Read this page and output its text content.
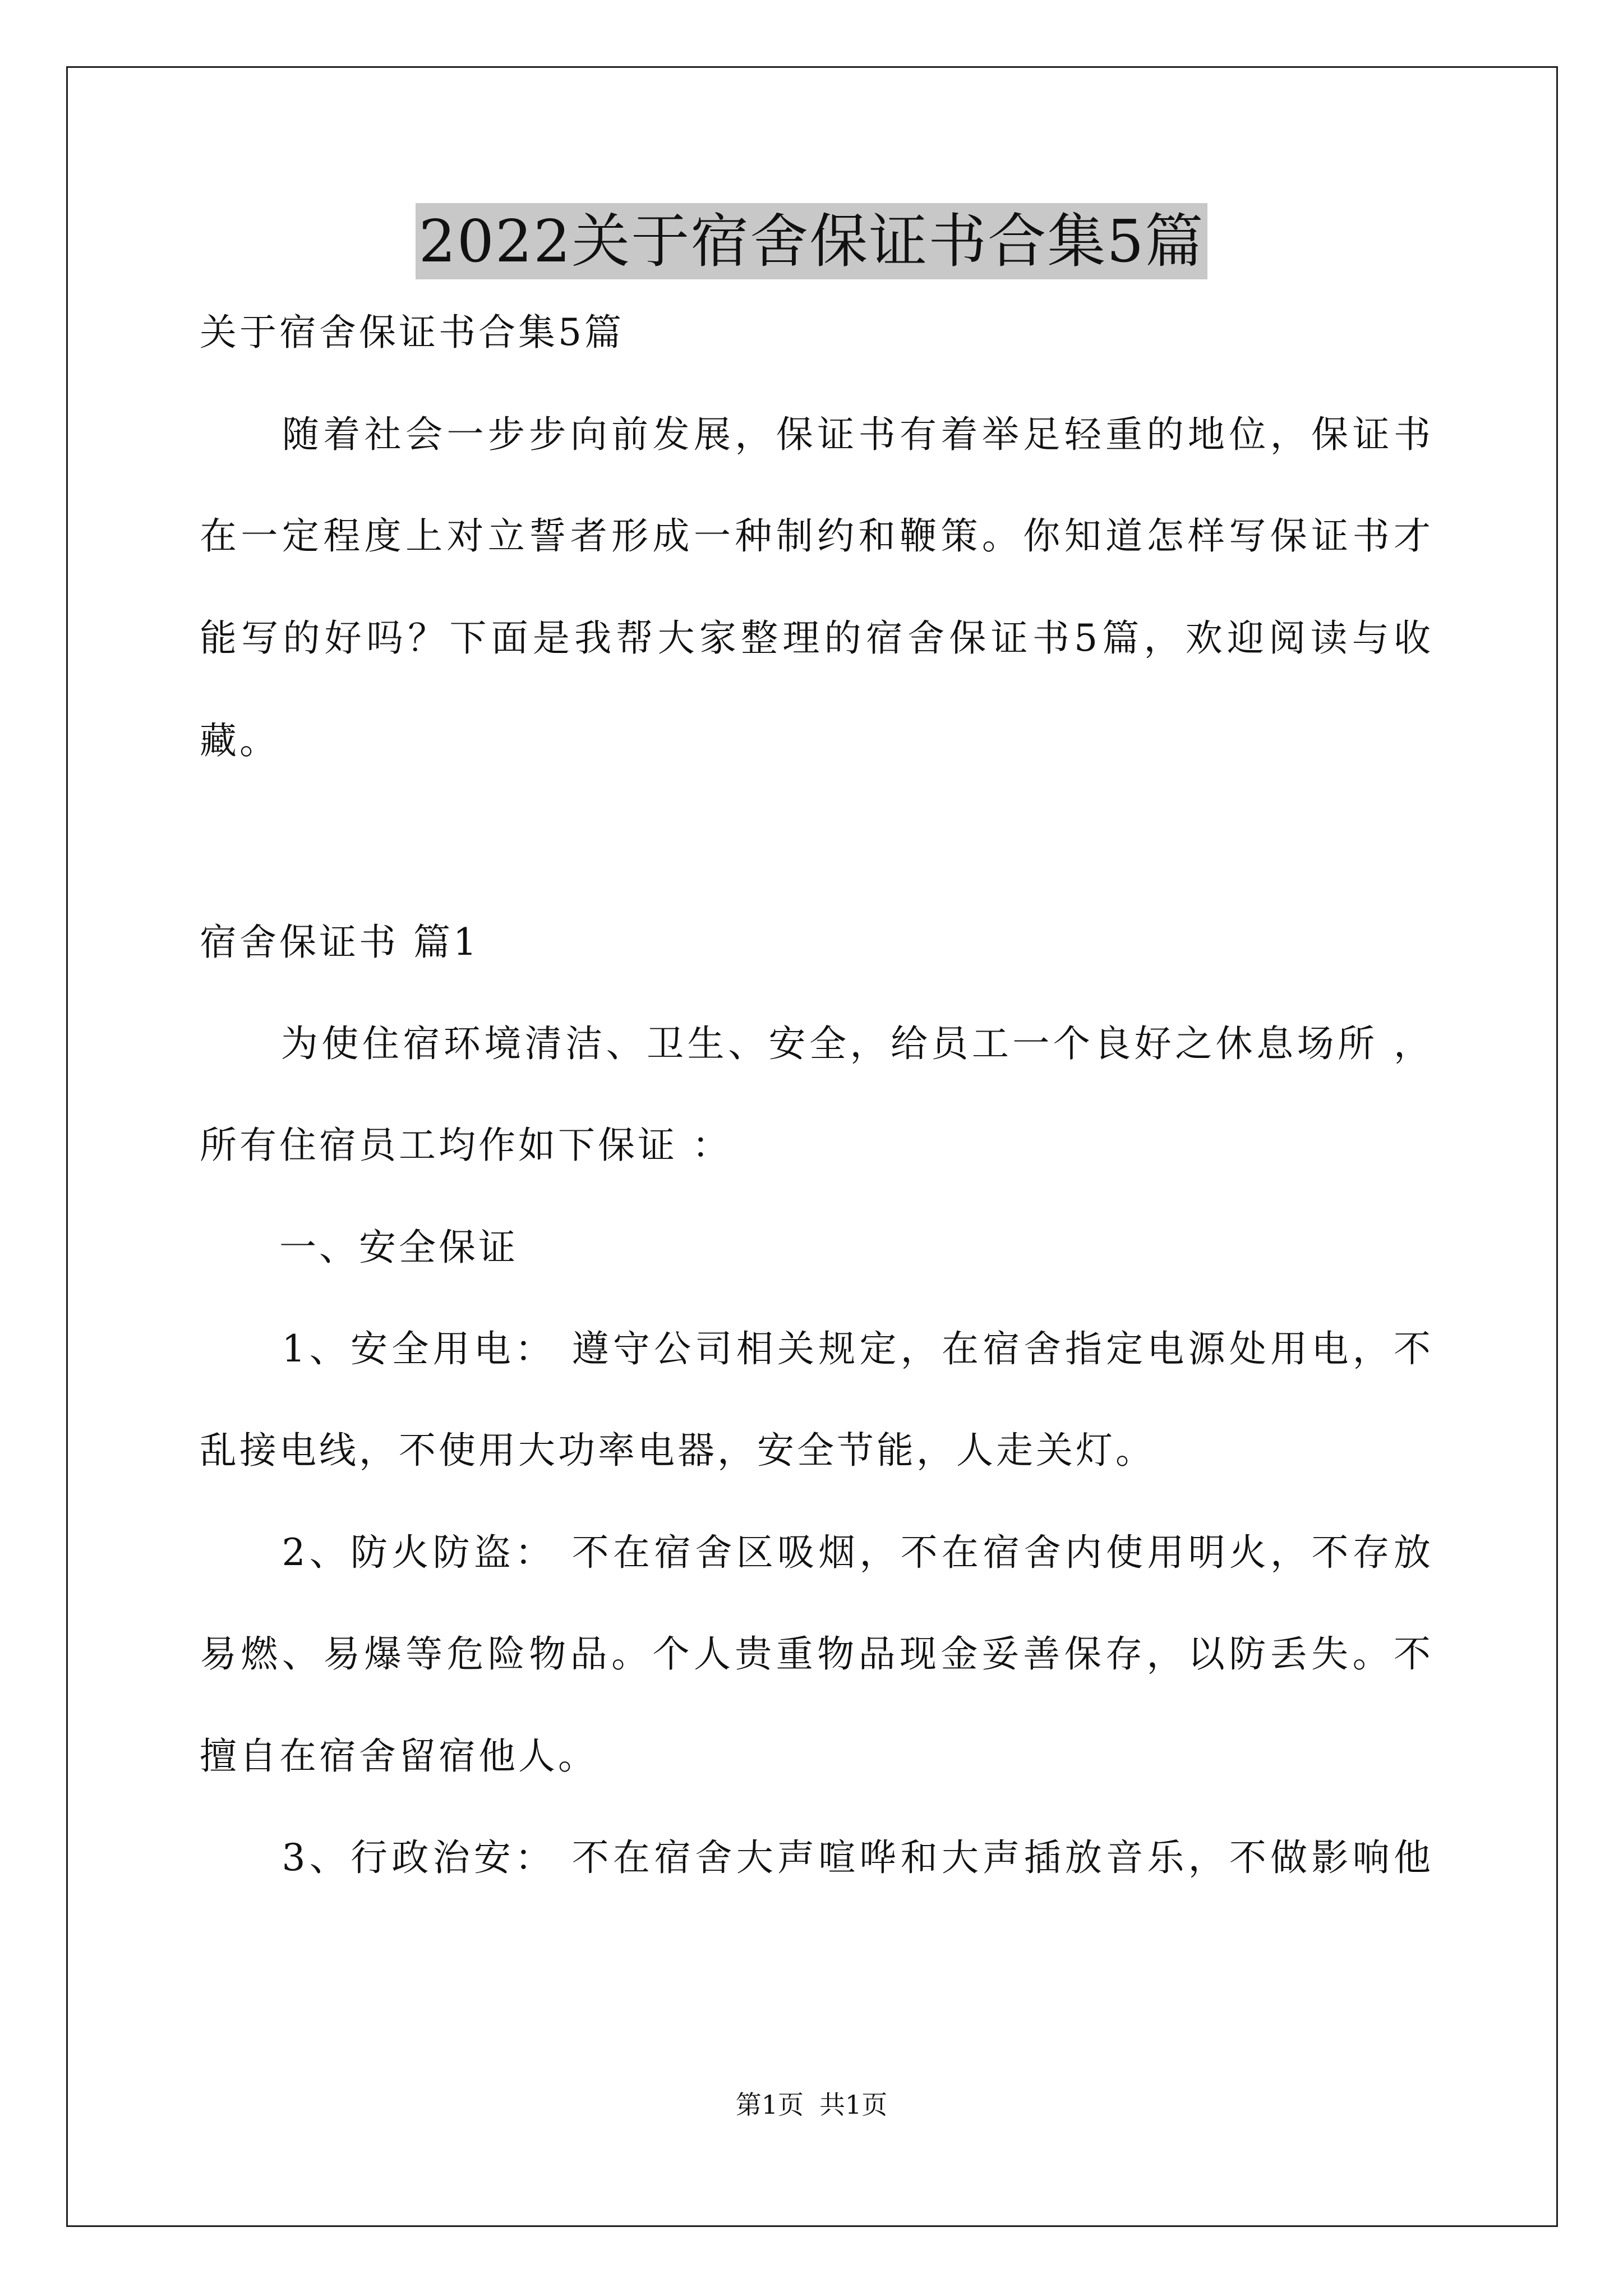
2022关于宿舍保证书合集5篇
关于宿舍保证书合集5篇
　　随着社会一步步向前发展，保证书有着举足轻重的地位，保证书
在一定程度上对立誓者形成一种制约和鞭策。你知道怎样写保证书才
能写的好吗？下面是我帮大家整理的宿舍保证书5篇，欢迎阅读与收
藏。
宿舍保证书 篇1
　　为使住宿环境清洁、卫生、安全，给员工一个良好之休息场所 ，
所有住宿员工均作如下保证 ：
　　一、安全保证
　　1、安全用电： 遵守公司相关规定，在宿舍指定电源处用电，不
乱接电线，不使用大功率电器，安全节能，人走关灯。
　　2、防火防盗： 不在宿舍区吸烟，不在宿舍内使用明火，不存放
易燃、易爆等危险物品。个人贵重物品现金妥善保存，以防丢失。不
擅自在宿舍留宿他人。
　　3、行政治安： 不在宿舍大声喧哗和大声插放音乐，不做影响他
第1页 共1页
